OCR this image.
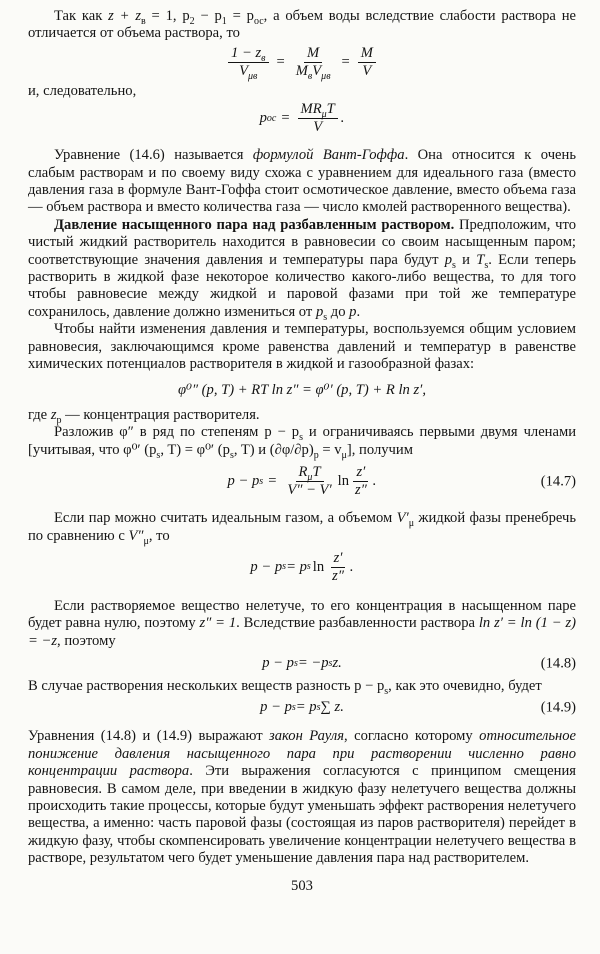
Так как $z + z_в = 1$, $p_2 - p_1 = p_{ос}$, а объем воды вследствие слабости раствора не отличается от объема раствора, то

$\frac{1 - z_в}{V_{\mu в}} = \frac{M}{M_вV_{\mu в}} = \frac{M}{V}$

и, следовательно,

p ос = $\frac{MR_\mu T}{V}$ .

Уравнение (14.6) называется формулой Вант-Гоффа. Она относится к очень слабым растворам и по своему виду схожа с уравнением для идеального газа (вместо давления газа в формуле Вант-Гоффа стоит осмотическое давление, вместо объема газа — объем раствора и вместо количества газа — число кмолей растворенного вещества).

Давление насыщенного пара над разбавленным раствором. Предположим, что чистый жидкий растворитель находится в равновесии со своим насыщенным паром; соответствующие значения давления и температуры пара будут $p_s$ и $T_s$. Если теперь растворить в жидкой фазе некоторое количество какого-либо вещества, то для того чтобы равновесие между жидкой и паровой фазами при той же температуре сохранилось, давление должно измениться от $p_s$ до p.

Чтобы найти изменения давления и температуры, воспользуемся общим условием равновесия, заключающимся кроме равенства давлений и температур в равенстве химических потенциалов растворителя в жидкой и газообразной фазах:

φ⁰″ (p, T) + RT ln z″ = φ⁰′ (p, T) + R ln z′,

где $z_p$ — концентрация растворителя.

Разложив φ″ в ряд по степеням $p - p_s$ и ограничиваясь первыми двумя членами [учитывая, что φ⁰′ ($p_s$, T) = φ⁰′ ($p_s$, T) и $(\partial\varphi/\partial p)_p = v_\mu$], получим

p − p $s = \frac{R_\mu T}{V'' - V'}$ $\ln \frac{z'}{z''}$ .	(14.7)

Если пар можно считать идеальным газом, а объемом $V'_\mu$ жидкой фазы пренебречь по сравнению с $V''_\mu$, то

p − p s = p s $\ln \frac{z'}{z''}$ .

Если растворяемое вещество нелетуче, то его концентрация в насыщенном паре будет равна нулю, поэтому z″ = 1. Вследствие разбавленности раствора ln z′ = ln (1 − z) = −z, поэтому

p − p s = −p s z.	(14.8)

В случае растворения нескольких веществ разность $p - p_s$, как это очевидно, будет

p − p s = p s ∑ z.	(14.9)

Уравнения (14.8) и (14.9) выражают закон Рауля, согласно которому относительное понижение давления насыщенного пара при растворении численно равно концентрации раствора. Эти выражения согласуются с принципом смещения равновесия. В самом деле, при введении в жидкую фазу нелетучего вещества должны происходить такие процессы, которые будут уменьшать эффект растворения нелетучего вещества, а именно: часть паровой фазы (состоящая из паров растворителя) перейдет в жидкую фазу, чтобы скомпенсировать увеличение концентрации нелетучего вещества в растворе, результатом чего будет уменьшение давления пара над растворителем.

503
